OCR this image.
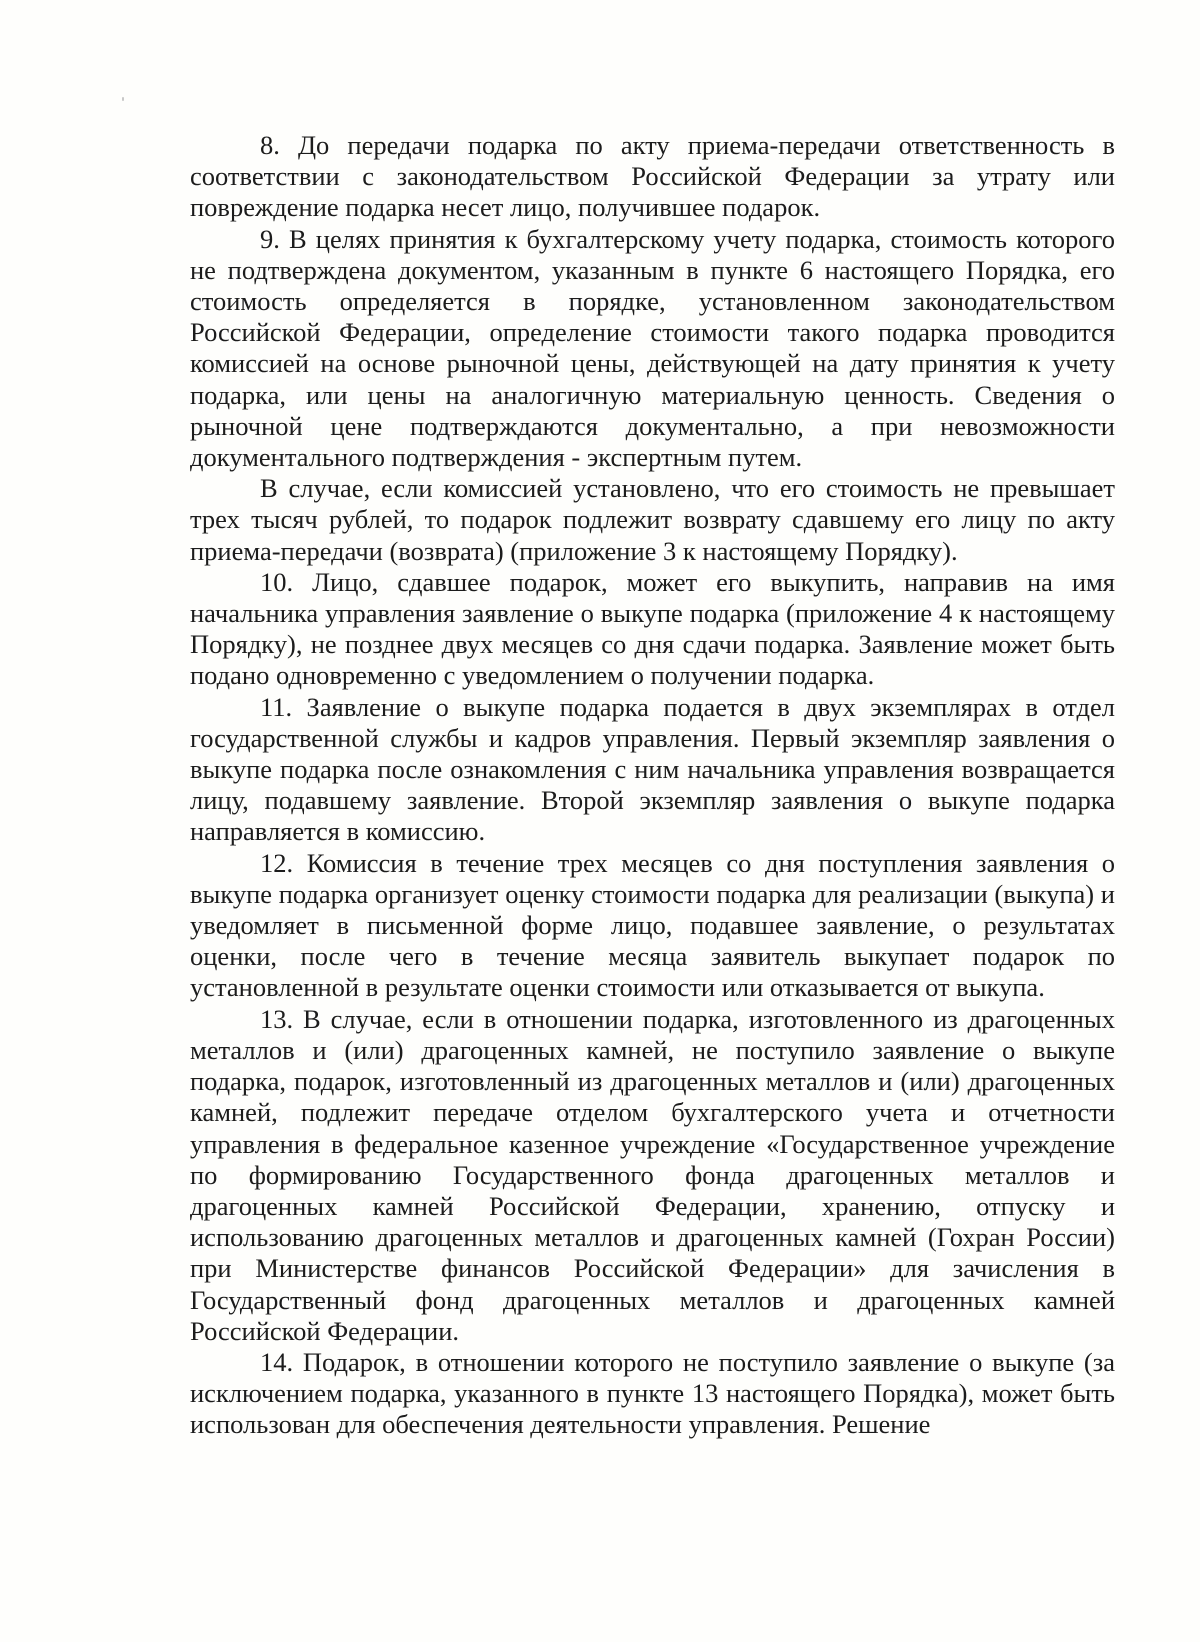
8. До передачи подарка по акту приема-передачи ответственность в соответствии с законодательством Российской Федерации за утрату или повреждение подарка несет лицо, получившее подарок.

9. В целях принятия к бухгалтерскому учету подарка, стоимость которого не подтверждена документом, указанным в пункте 6 настоящего Порядка, его стоимость определяется в порядке, установленном законодательством Российской Федерации, определение стоимости такого подарка проводится комиссией на основе рыночной цены, действующей на дату принятия к учету подарка, или цены на аналогичную материальную ценность. Сведения о рыночной цене подтверждаются документально, а при невозможности документального подтверждения - экспертным путем.

В случае, если комиссией установлено, что его стоимость не превышает трех тысяч рублей, то подарок подлежит возврату сдавшему его лицу по акту приема-передачи (возврата) (приложение 3 к настоящему Порядку).

10. Лицо, сдавшее подарок, может его выкупить, направив на имя начальника управления заявление о выкупе подарка (приложение 4 к настоящему Порядку), не позднее двух месяцев со дня сдачи подарка. Заявление может быть подано одновременно с уведомлением о получении подарка.

11. Заявление о выкупе подарка подается в двух экземплярах в отдел государственной службы и кадров управления. Первый экземпляр заявления о выкупе подарка после ознакомления с ним начальника управления возвращается лицу, подавшему заявление. Второй экземпляр заявления о выкупе подарка направляется в комиссию.

12. Комиссия в течение трех месяцев со дня поступления заявления о выкупе подарка организует оценку стоимости подарка для реализации (выкупа) и уведомляет в письменной форме лицо, подавшее заявление, о результатах оценки, после чего в течение месяца заявитель выкупает подарок по установленной в результате оценки стоимости или отказывается от выкупа.

13. В случае, если в отношении подарка, изготовленного из драгоценных металлов и (или) драгоценных камней, не поступило заявление о выкупе подарка, подарок, изготовленный из драгоценных металлов и (или) драгоценных камней, подлежит передаче отделом бухгалтерского учета и отчетности управления в федеральное казенное учреждение «Государственное учреждение по формированию Государственного фонда драгоценных металлов и драгоценных камней Российской Федерации, хранению, отпуску и использованию драгоценных металлов и драгоценных камней (Гохран России) при Министерстве финансов Российской Федерации» для зачисления в Государственный фонд драгоценных металлов и драгоценных камней Российской Федерации.

14. Подарок, в отношении которого не поступило заявление о выкупе (за исключением подарка, указанного в пункте 13 настоящего Порядка), может быть использован для обеспечения деятельности управления. Решение
